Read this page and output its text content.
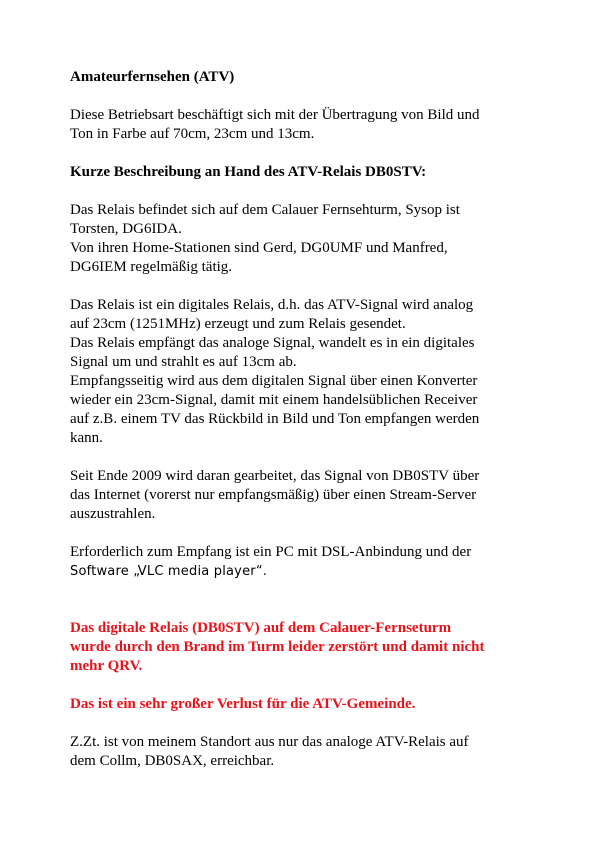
Amateurfernsehen (ATV)

Diese Betriebsart beschäftigt sich mit der Übertragung von Bild und
Ton in Farbe auf 70cm, 23cm und 13cm.

Kurze Beschreibung an Hand des ATV-Relais DB0STV:

Das Relais befindet sich auf dem Calauer Fernsehturm, Sysop ist
Torsten, DG6IDA.
Von ihren Home-Stationen sind Gerd, DG0UMF und Manfred,
DG6IEM regelmäßig tätig.

Das Relais ist ein digitales Relais, d.h. das ATV-Signal wird analog
auf 23cm (1251MHz) erzeugt und zum Relais gesendet.
Das Relais empfängt das analoge Signal, wandelt es in ein digitales
Signal um und strahlt es auf 13cm ab.
Empfangsseitig wird aus dem digitalen Signal über einen Konverter
wieder ein 23cm-Signal, damit mit einem handelsüblichen Receiver
auf z.B. einem TV das Rückbild in Bild und Ton empfangen werden
kann.

Seit Ende 2009 wird daran gearbeitet, das Signal von DB0STV über
das Internet (vorerst nur empfangsmäßig) über einen Stream-Server
auszustrahlen.

Erforderlich zum Empfang ist ein PC mit DSL-Anbindung und der
Software „VLC media player“.

Das digitale Relais (DB0STV) auf dem Calauer-Fernseturm
wurde durch den Brand im Turm leider zerstört und damit nicht
mehr QRV.

Das ist ein sehr großer Verlust für die ATV-Gemeinde.

Z.Zt. ist von meinem Standort aus nur das analoge ATV-Relais auf
dem Collm, DB0SAX, erreichbar.
